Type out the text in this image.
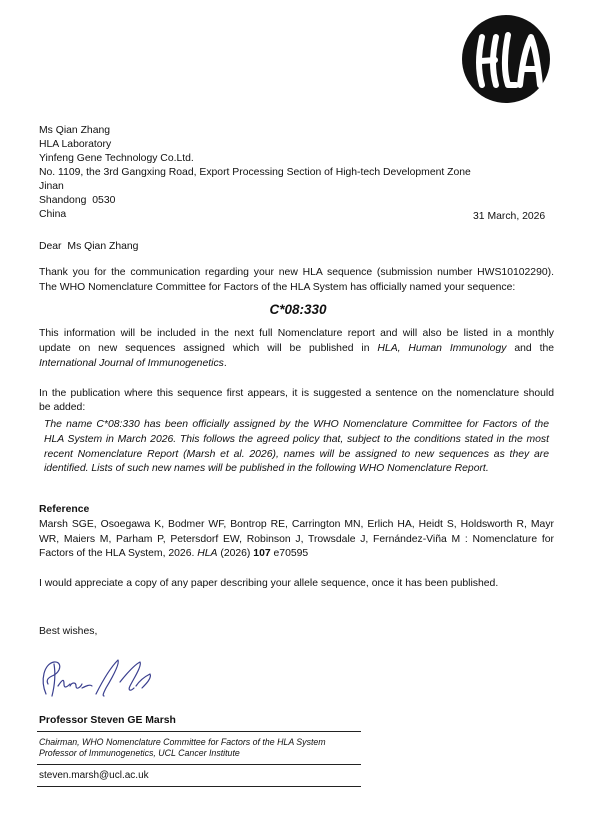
Ms Qian Zhang
HLA Laboratory
Yinfeng Gene Technology Co.Ltd.
No. 1109, the 3rd Gangxing Road, Export Processing Section of High-tech Development Zone
Jinan
Shandong 0530
China	31 March, 2026
Dear Ms Qian Zhang
Thank you for the communication regarding your new HLA sequence (submission number HWS10102290).
The WHO Nomenclature Committee for Factors of the HLA System has officially named your sequence:
C*08:330
This information will be included in the next full Nomenclature report and will also be listed in a monthly
update on new sequences assigned which will be published in HLA, Human Immunology and the
International Journal of Immunogenetics.
In the publication where this sequence first appears, it is suggested a sentence on the nomenclature should
be added:
The name C*08:330 has been officially assigned by the WHO Nomenclature Committee for Factors of the
HLA System in March 2026. This follows the agreed policy that, subject to the conditions stated in the most
recent Nomenclature Report (Marsh et al. 2026), names will be assigned to new sequences as they are
identified. Lists of such new names will be published in the following WHO Nomenclature Report.
Reference
Marsh SGE, Osoegawa K, Bodmer WF, Bontrop RE, Carrington MN, Erlich HA, Heidt S, Holdsworth R, Mayr
WR, Maiers M, Parham P, Petersdorf EW, Robinson J, Trowsdale J, Fernández-Viña M : Nomenclature for
Factors of the HLA System, 2026. HLA (2026) 107 e70595
I would appreciate a copy of any paper describing your allele sequence, once it has been published.
Best wishes,
Professor Steven GE Marsh
Chairman, WHO Nomenclature Committee for Factors of the HLA System
Professor of Immunogenetics, UCL Cancer Institute
steven.marsh@ucl.ac.uk
